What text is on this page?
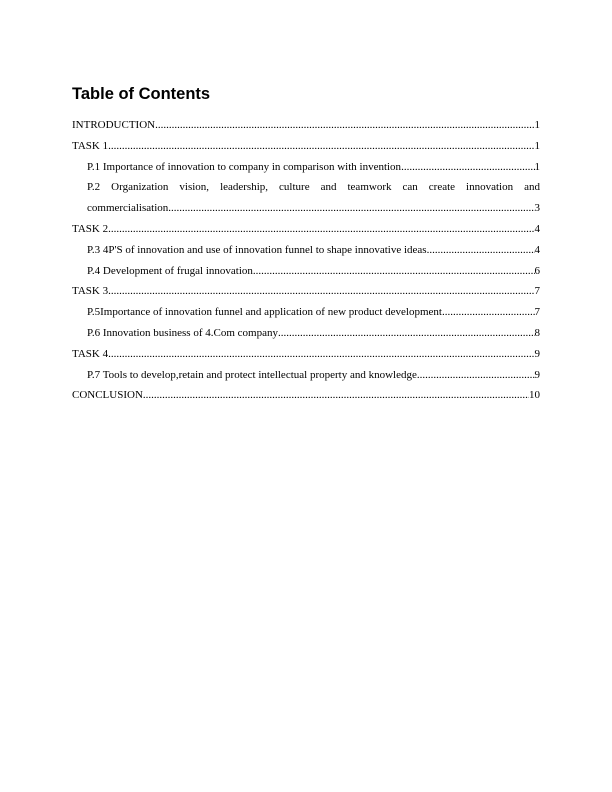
Table of Contents
INTRODUCTION .....	1
TASK 1 .....	1
P.1 Importance of innovation to company in comparison with invention .....	1
P.2 Organization vision, leadership, culture and teamwork can create innovation and
commercialisation .....	3
TASK 2 .....	4
P.3 4P'S of innovation and use of innovation funnel to shape innovative ideas .....	4
P.4 Development of frugal innovation .....	6
TASK 3 .....	7
P.5Importance of innovation funnel and application of new product development .....	7
P.6 Innovation business of 4.Com company .....	8
TASK 4 .....	9
P.7 Tools to develop,retain and protect intellectual property and knowledge .....	9
CONCLUSION .....	10
